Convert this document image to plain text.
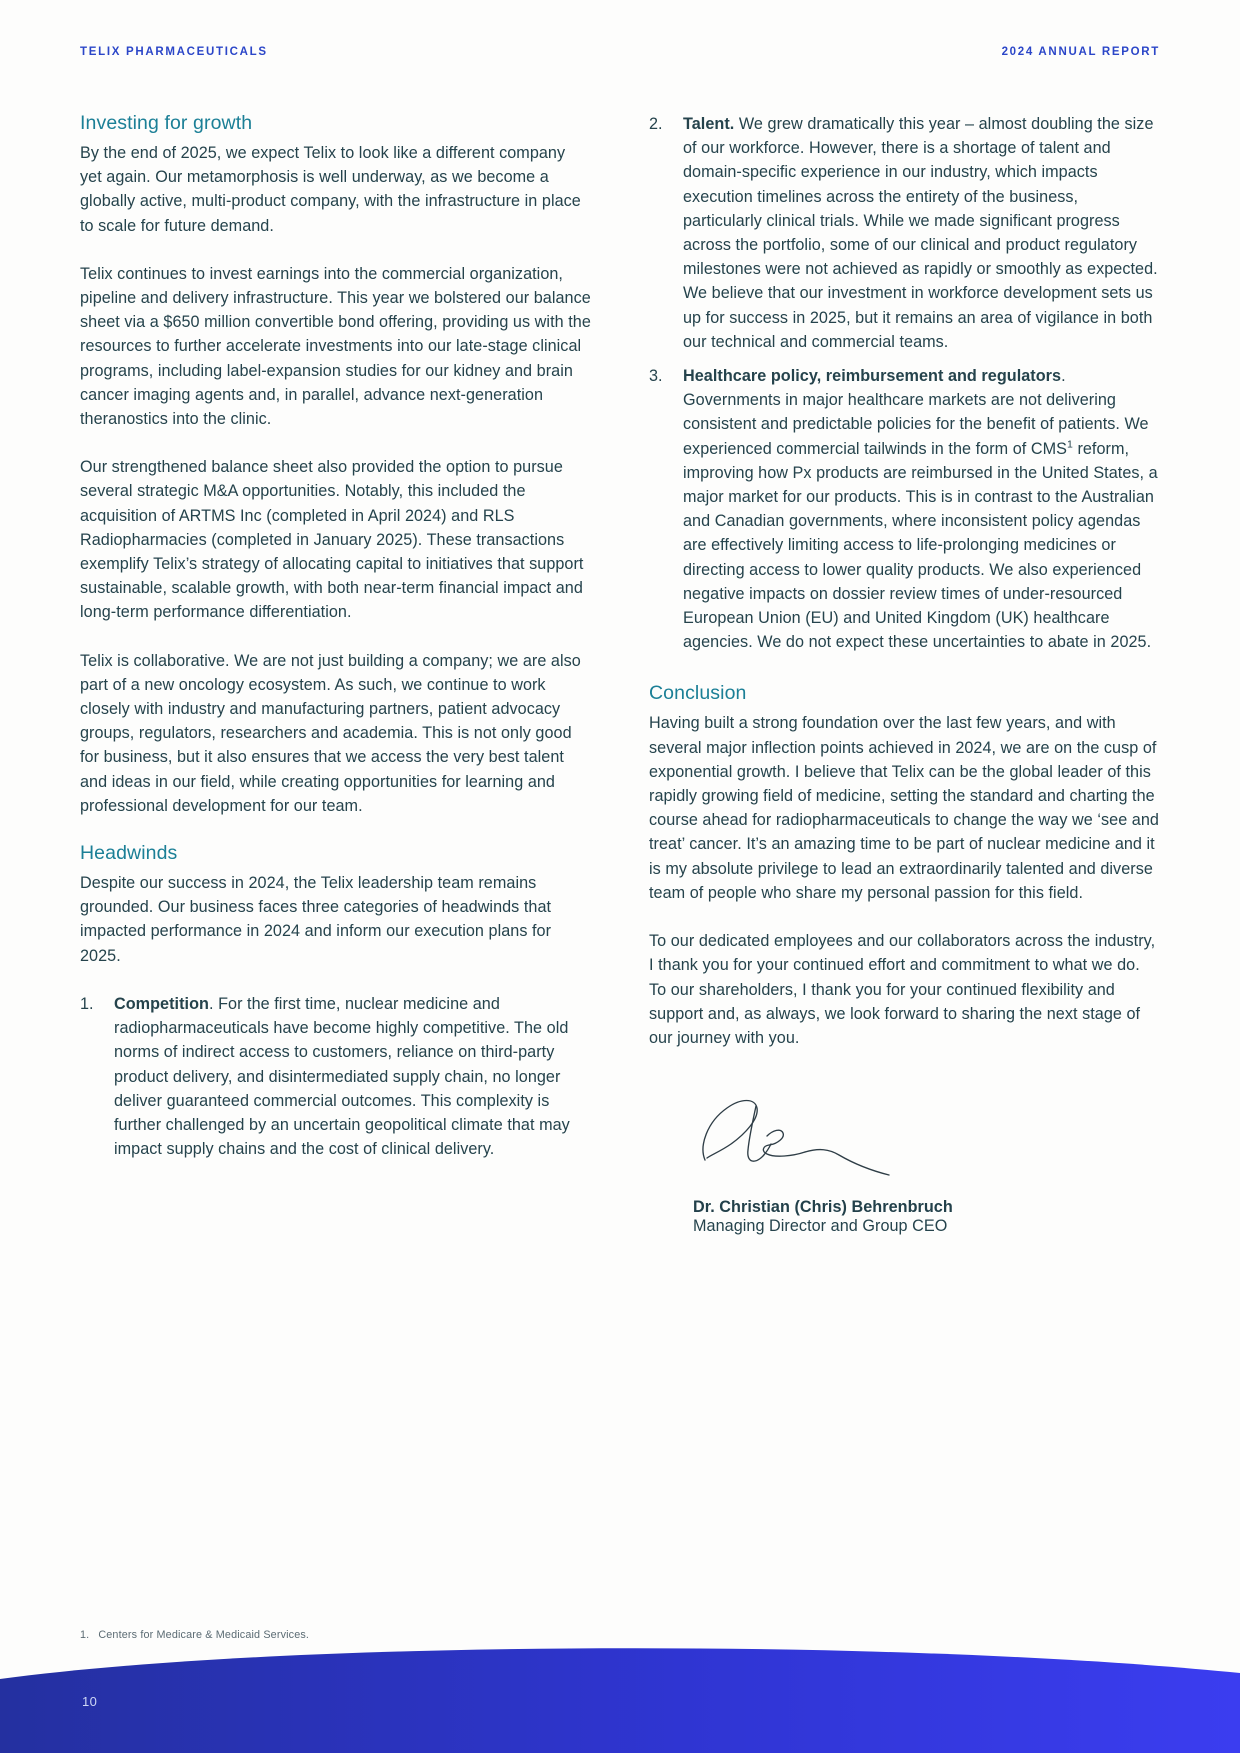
TELIX PHARMACEUTICALS	2024 ANNUAL REPORT
Investing for growth

By the end of 2025, we expect Telix to look like a different company yet again. Our metamorphosis is well underway, as we become a globally active, multi-product company, with the infrastructure in place to scale for future demand.

Telix continues to invest earnings into the commercial organization, pipeline and delivery infrastructure. This year we bolstered our balance sheet via a $650 million convertible bond offering, providing us with the resources to further accelerate investments into our late-stage clinical programs, including label-expansion studies for our kidney and brain cancer imaging agents and, in parallel, advance next-generation theranostics into the clinic.

Our strengthened balance sheet also provided the option to pursue several strategic M&A opportunities. Notably, this included the acquisition of ARTMS Inc (completed in April 2024) and RLS Radiopharmacies (completed in January 2025). These transactions exemplify Telix’s strategy of allocating capital to initiatives that support sustainable, scalable growth, with both near-term financial impact and long-term performance differentiation.

Telix is collaborative. We are not just building a company; we are also part of a new oncology ecosystem. As such, we continue to work closely with industry and manufacturing partners, patient advocacy groups, regulators, researchers and academia. This is not only good for business, but it also ensures that we access the very best talent and ideas in our field, while creating opportunities for learning and professional development for our team.

Headwinds

Despite our success in 2024, the Telix leadership team remains grounded. Our business faces three categories of headwinds that impacted performance in 2024 and inform our execution plans for 2025.

1.	Competition. For the first time, nuclear medicine and radiopharmaceuticals have become highly competitive. The old norms of indirect access to customers, reliance on third-party product delivery, and disintermediated supply chain, no longer deliver guaranteed commercial outcomes. This complexity is further challenged by an uncertain geopolitical climate that may impact supply chains and the cost of clinical delivery.
2.	Talent. We grew dramatically this year – almost doubling the size of our workforce. However, there is a shortage of talent and domain-specific experience in our industry, which impacts execution timelines across the entirety of the business, particularly clinical trials. While we made significant progress across the portfolio, some of our clinical and product regulatory milestones were not achieved as rapidly or smoothly as expected. We believe that our investment in workforce development sets us up for success in 2025, but it remains an area of vigilance in both our technical and commercial teams.
3.	Healthcare policy, reimbursement and regulators. Governments in major healthcare markets are not delivering consistent and predictable policies for the benefit of patients. We experienced commercial tailwinds in the form of CMS$^1$ reform, improving how Px products are reimbursed in the United States, a major market for our products. This is in contrast to the Australian and Canadian governments, where inconsistent policy agendas are effectively limiting access to life-prolonging medicines or directing access to lower quality products. We also experienced negative impacts on dossier review times of under-resourced European Union (EU) and United Kingdom (UK) healthcare agencies. We do not expect these uncertainties to abate in 2025.
Conclusion

Having built a strong foundation over the last few years, and with several major inflection points achieved in 2024, we are on the cusp of exponential growth. I believe that Telix can be the global leader of this rapidly growing field of medicine, setting the standard and charting the course ahead for radiopharmaceuticals to change the way we ‘see and treat’ cancer. It’s an amazing time to be part of nuclear medicine and it is my absolute privilege to lead an extraordinarily talented and diverse team of people who share my personal passion for this field.

To our dedicated employees and our collaborators across the industry, I thank you for your continued effort and commitment to what we do. To our shareholders, I thank you for your continued flexibility and support and, as always, we look forward to sharing the next stage of our journey with you.

Dr. Christian (Chris) Behrenbruch
Managing Director and Group CEO
1. Centers for Medicare & Medicaid Services.
10
